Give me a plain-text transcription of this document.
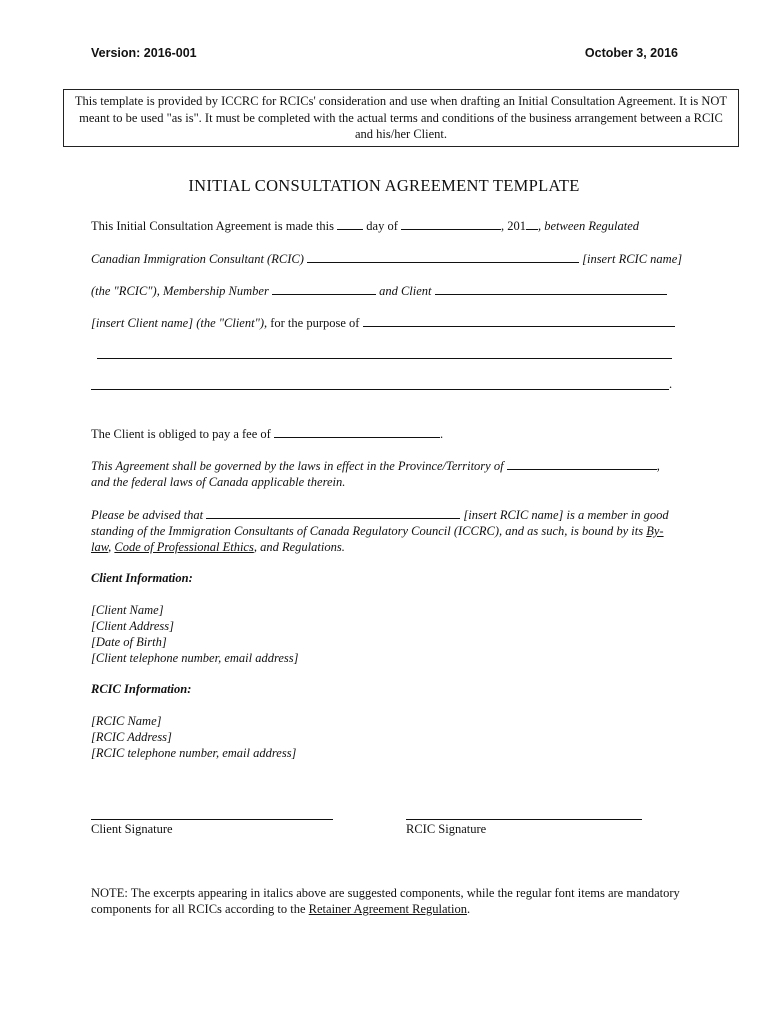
Version: 2016-001	October 3, 2016
This template is provided by ICCRC for RCICs' consideration and use when drafting an Initial Consultation Agreement. It is NOT meant to be used "as is". It must be completed with the actual terms and conditions of the business arrangement between a RCIC and his/her Client.
INITIAL CONSULTATION AGREEMENT TEMPLATE
This Initial Consultation Agreement is made this	day of	, 201 , between Regulated
Canadian Immigration Consultant (RCIC)	[insert RCIC name]
(the "RCIC"), Membership Number	and Client
[insert Client name] (the "Client"), for the purpose of
.
The Client is obliged to pay a fee of	.
This Agreement shall be governed by the laws in effect in the Province/Territory of	, and the federal laws of Canada applicable therein.
Please be advised that	[insert RCIC name] is a member in good standing of the Immigration Consultants of Canada Regulatory Council (ICCRC), and as such, is bound by its By-law, Code of Professional Ethics, and Regulations.
Client Information:
[Client Name]
[Client Address]
[Date of Birth]
[Client telephone number, email address]
RCIC Information:
[RCIC Name]
[RCIC Address]
[RCIC telephone number, email address]
Client Signature	RCIC Signature
NOTE: The excerpts appearing in italics above are suggested components, while the regular font items are mandatory components for all RCICs according to the Retainer Agreement Regulation.
